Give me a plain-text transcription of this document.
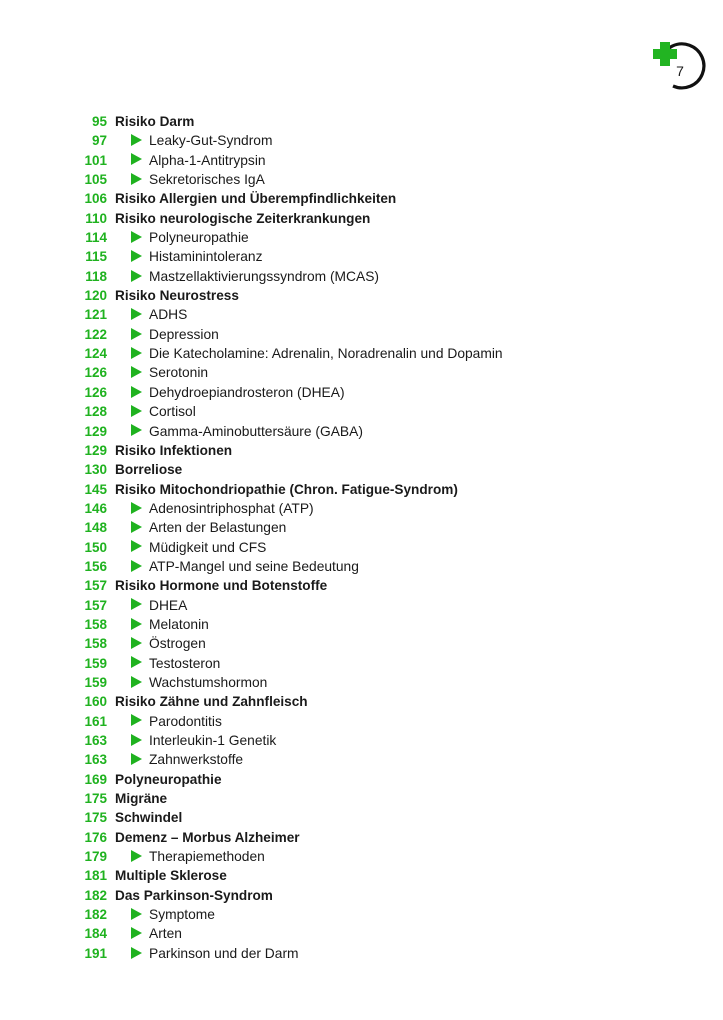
7
95 Risiko Darm
97	Leaky-Gut-Syndrom
101	Alpha-1-Antitrypsin
105	Sekretorisches IgA
106 Risiko Allergien und Überempfindlichkeiten
110 Risiko neurologische Zeiterkrankungen
114	Polyneuropathie
115	Histaminintoleranz
118	Mastzellaktivierungssyndrom (MCAS)
120 Risiko Neurostress
121	ADHS
122	Depression
124	Die Katecholamine: Adrenalin, Noradrenalin und Dopamin
126	Serotonin
126	Dehydroepiandrosteron (DHEA)
128	Cortisol
129	Gamma-Aminobuttersäure (GABA)
129 Risiko Infektionen
130 Borreliose
145 Risiko Mitochondriopathie (Chron. Fatigue-Syndrom)
146	Adenosintriphosphat (ATP)
148	Arten der Belastungen
150	Müdigkeit und CFS
156	ATP-Mangel und seine Bedeutung
157 Risiko Hormone und Botenstoffe
157	DHEA
158	Melatonin
158	Östrogen
159	Testosteron
159	Wachstumshormon
160 Risiko Zähne und Zahnfleisch
161	Parodontitis
163	Interleukin-1 Genetik
163	Zahnwerkstoffe
169 Polyneuropathie
175 Migräne
175 Schwindel
176 Demenz – Morbus Alzheimer
179	Therapiemethoden
181 Multiple Sklerose
182 Das Parkinson-Syndrom
182	Symptome
184	Arten
191	Parkinson und der Darm
